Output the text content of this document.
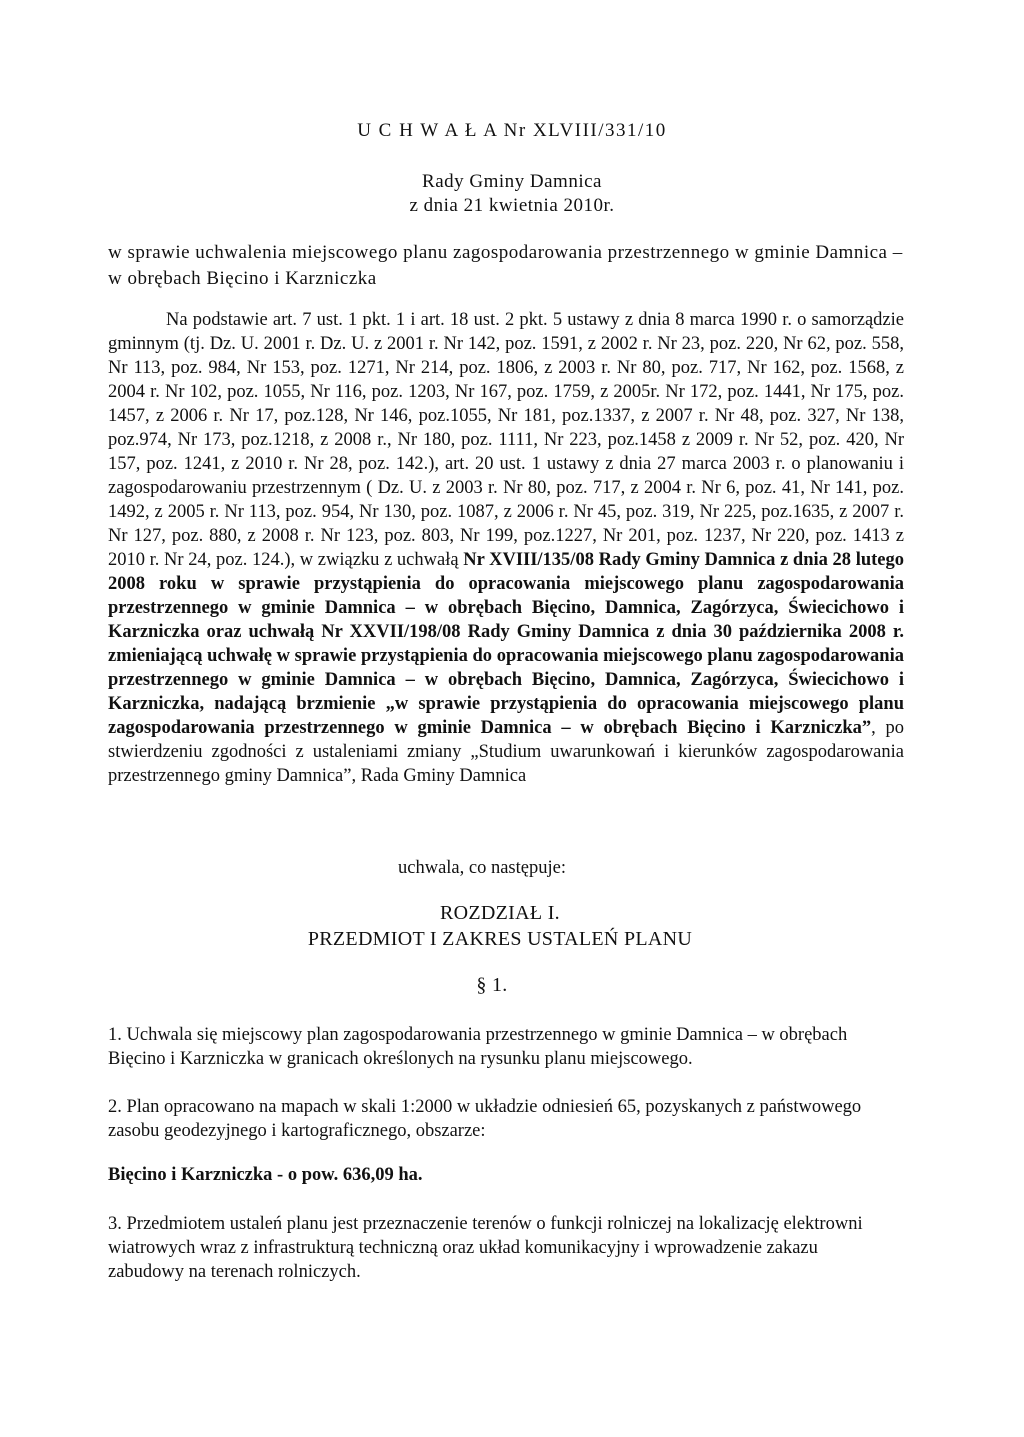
U C H W A Ł A Nr XLVIII/331/10
Rady Gminy Damnica
z dnia 21 kwietnia 2010r.

w sprawie uchwalenia miejscowego planu zagospodarowania przestrzennego w gminie Damnica – w obrębach Bięcino i Karzniczka

Na podstawie art. 7 ust. 1 pkt. 1 i art. 18 ust. 2 pkt. 5 ustawy z dnia 8 marca 1990 r. o samorządzie gminnym (tj. Dz. U. 2001 r. Dz. U. z 2001 r. Nr 142, poz. 1591, z 2002 r. Nr 23, poz. 220, Nr 62, poz. 558, Nr 113, poz. 984, Nr 153, poz. 1271, Nr 214, poz. 1806, z 2003 r. Nr 80, poz. 717, Nr 162, poz. 1568, z 2004 r. Nr 102, poz. 1055, Nr 116, poz. 1203, Nr 167, poz. 1759, z 2005r. Nr 172, poz. 1441, Nr 175, poz. 1457, z 2006 r. Nr 17, poz.128, Nr 146, poz.1055, Nr 181, poz.1337, z 2007 r. Nr 48, poz. 327, Nr 138, poz.974, Nr 173, poz.1218, z 2008 r., Nr 180, poz. 1111, Nr 223, poz.1458 z 2009 r. Nr 52, poz. 420, Nr 157, poz. 1241, z 2010 r. Nr 28, poz. 142.), art. 20 ust. 1 ustawy z dnia 27 marca 2003 r. o planowaniu i zagospodarowaniu przestrzennym ( Dz. U. z 2003 r. Nr 80, poz. 717, z 2004 r. Nr 6, poz. 41, Nr 141, poz. 1492, z 2005 r. Nr 113, poz. 954, Nr 130, poz. 1087, z 2006 r. Nr 45, poz. 319, Nr 225, poz.1635, z 2007 r. Nr 127, poz. 880, z 2008 r. Nr 123, poz. 803, Nr 199, poz.1227, Nr 201, poz. 1237, Nr 220, poz. 1413 z 2010 r. Nr 24, poz. 124.), w związku z uchwałą Nr XVIII/135/08 Rady Gminy Damnica z dnia 28 lutego 2008 roku w sprawie przystąpienia do opracowania miejscowego planu zagospodarowania przestrzennego w gminie Damnica – w obrębach Bięcino, Damnica, Zagórzyca, Świecichowo i Karzniczka oraz uchwałą Nr XXVII/198/08 Rady Gminy Damnica z dnia 30 października 2008 r. zmieniającą uchwałę w sprawie przystąpienia do opracowania miejscowego planu zagospodarowania przestrzennego w gminie Damnica – w obrębach Bięcino, Damnica, Zagórzyca, Świecichowo i Karzniczka, nadającą brzmienie „w sprawie przystąpienia do opracowania miejscowego planu zagospodarowania przestrzennego w gminie Damnica – w obrębach Bięcino i Karzniczka”, po stwierdzeniu zgodności z ustaleniami zmiany „Studium uwarunkowań i kierunków zagospodarowania przestrzennego gminy Damnica”, Rada Gminy Damnica

uchwala, co następuje:
ROZDZIAŁ I.
PRZEDMIOT I ZAKRES USTALEŃ PLANU
§ 1.

1. Uchwala się miejscowy plan zagospodarowania przestrzennego w gminie Damnica – w obrębach Bięcino i Karzniczka w granicach określonych na rysunku planu miejscowego.

2. Plan opracowano na mapach w skali 1:2000 w układzie odniesień 65, pozyskanych z państwowego zasobu geodezyjnego i kartograficznego, obszarze:

Bięcino i Karzniczka - o pow. 636,09 ha.

3. Przedmiotem ustaleń planu jest przeznaczenie terenów o funkcji rolniczej na lokalizację elektrowni wiatrowych wraz z infrastrukturą techniczną oraz układ komunikacyjny i wprowadzenie zakazu zabudowy na terenach rolniczych.
